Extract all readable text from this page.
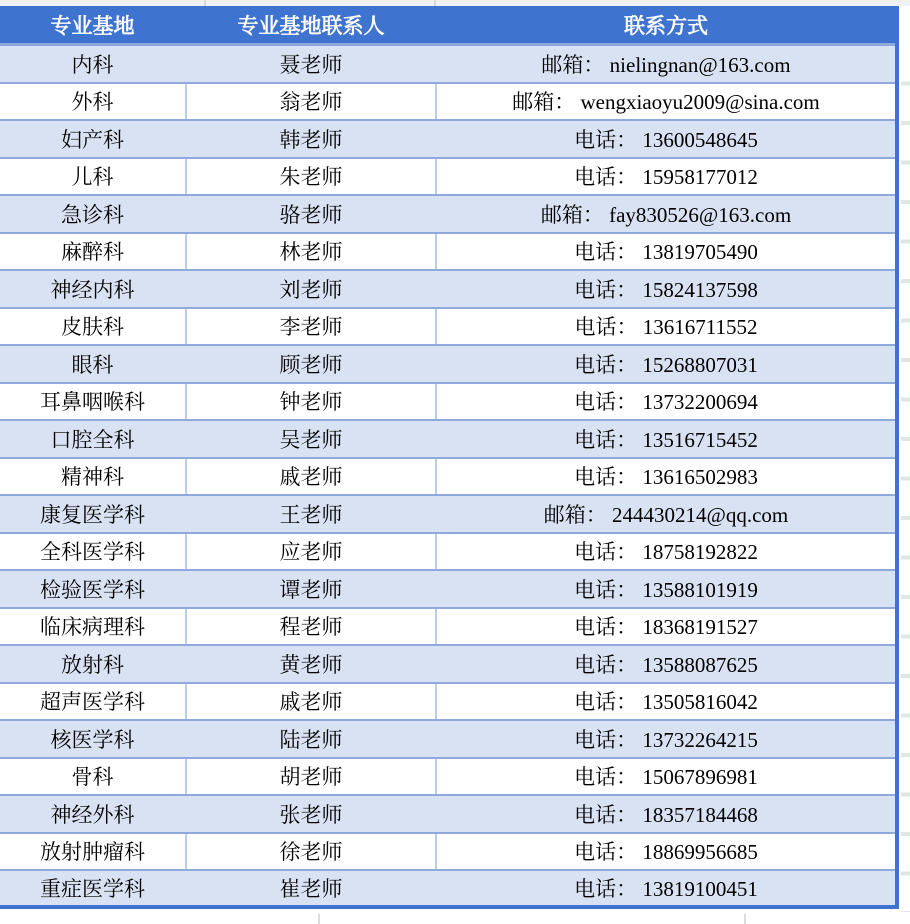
专业基地	专业基地联系人	联系方式
内科	聂老师	邮箱： nielingnan@163.com
外科	翁老师	邮箱： wengxiaoyu2009@sina.com
妇产科	韩老师	电话： 13600548645
儿科	朱老师	电话： 15958177012
急诊科	骆老师	邮箱： fay830526@163.com
麻醉科	林老师	电话： 13819705490
神经内科	刘老师	电话： 15824137598
皮肤科	李老师	电话： 13616711552
眼科	顾老师	电话： 15268807031
耳鼻咽喉科	钟老师	电话： 13732200694
口腔全科	吴老师	电话： 13516715452
精神科	戚老师	电话： 13616502983
康复医学科	王老师	邮箱： 244430214@qq.com
全科医学科	应老师	电话： 18758192822
检验医学科	谭老师	电话： 13588101919
临床病理科	程老师	电话： 18368191527
放射科	黄老师	电话： 13588087625
超声医学科	戚老师	电话： 13505816042
核医学科	陆老师	电话： 13732264215
骨科	胡老师	电话： 15067896981
神经外科	张老师	电话： 18357184468
放射肿瘤科	徐老师	电话： 18869956685
重症医学科	崔老师	电话： 13819100451
